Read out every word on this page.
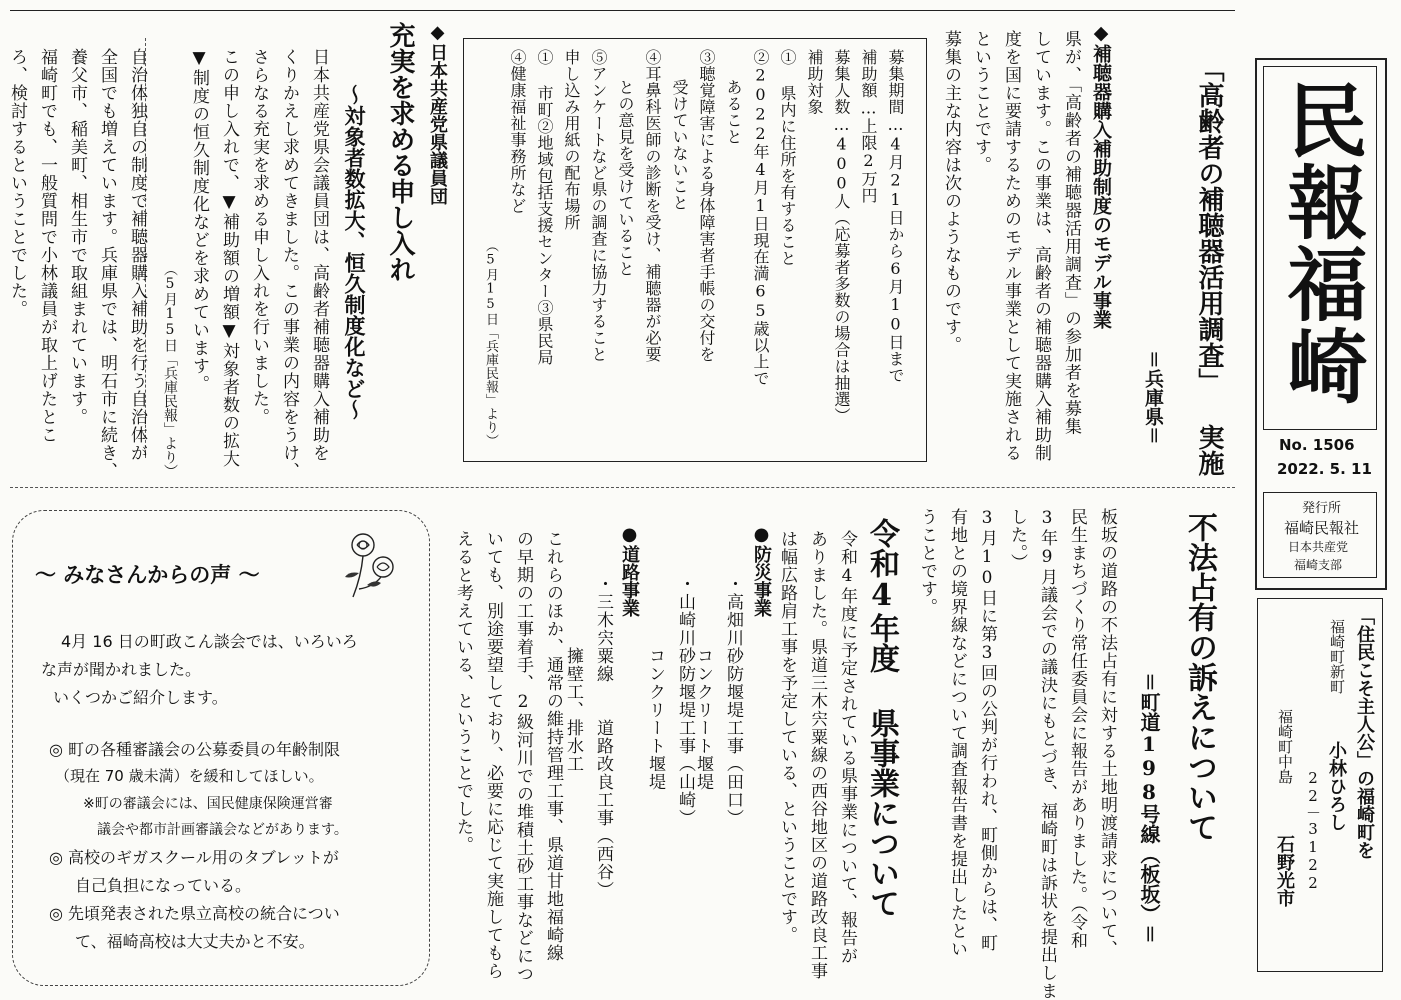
民報福崎
No. 1506
2022. 5. 11
発行所
福崎民報社
日本共産党
福崎支部
「住民こそ主人公」の福崎町を
福崎町新町
小林ひろし
22－3122
福崎町中島
石野光市
「高齢者の補聴器活用調査」 実施
＝兵庫県＝
◆補聴器購入補助制度のモデル事業
県が、「高齢者の補聴器活用調査」の参加者を募集
しています。この事業は、高齢者の補聴器購入補助制
度を国に要請するためのモデル事業として実施される
ということです。
募集の主な内容は次のようなものです。
募集期間…4月21日から6月10日まで
補助額…上限2万円
募集人数…400人（応募者多数の場合は抽選）
補助対象
① 県内に住所を有すること
②2022年4月1日現在満65歳以上で
あること
③聴覚障害による身体障害者手帳の交付を
受けていないこと
④耳鼻科医師の診断を受け、補聴器が必要
との意見を受けていること
⑤アンケートなど県の調査に協力すること
申し込み用紙の配布場所
① 市町②地域包括支援センター③県民局
④健康福祉事務所など
（5月15日「兵庫民報」より）
◆日本共産党県議員団
充実を求める申し入れ
～対象者数拡大、恒久制度化など～
日本共産党県会議員団は、高齢者補聴器購入補助を
くりかえし求めてきました。この事業の内容をうけ、
さらなる充実を求める申し入れを行いました。
この申し入れで、▼補助額の増額▼対象者数の拡大
▼制度の恒久制度化などを求めています。
（5月15日「兵庫民報」より）
自治体独自の制度で補聴器購入補助を行う自治体が
全国でも増えています。兵庫県では、明石市に続き、
養父市、稲美町、相生市で取組まれています。
福崎町でも、一般質問で小林議員が取上げたとこ
ろ、検討するということでした。
不法占有の訴えについて
＝町道198号線（板坂）＝
板坂の道路の不法占有に対する土地明渡請求について、
民生まちづくり常任委員会に報告がありました。（令和
3年9月議会での議決にもとづき、福崎町は訴状を提出しま
した。）
3月10日に第3回の公判が行われ、町側からは、町
有地との境界線などについて調査報告書を提出したとい
うことです。
令和4年度 県事業について
令和4年度に予定されている県事業について、報告が
ありました。県道三木宍粟線の西谷地区の道路改良工事
は幅広路肩工事を予定している、ということです。
●防災事業
・高畑川砂防堰堤工事（田口）
　　　　コンクリート堰堤
・山崎川砂防堰堤工事（山崎）
　　　　コンクリート堰堤
●道路事業
・三木宍粟線　　道路改良工事（西谷）
　　　　擁壁工、排水工
これらのほか、通常の維持管理工事、県道甘地福崎線
の早期の工事着手、2級河川での堆積土砂工事などにつ
いても、別途要望しており、必要に応じて実施してもら
えると考えている、ということでした。
～ みなさんからの声 ～
4月 16 日の町政こん談会では、いろいろ
な声が聞かれました。
いくつかご紹介します。
◎ 町の各種審議会の公募委員の年齢制限
（現在 70 歳未満）を緩和してほしい。
※町の審議会には、国民健康保険運営審
議会や都市計画審議会などがあります。
◎ 高校のギガスクール用のタブレットが
自己負担になっている。
◎ 先頃発表された県立高校の統合につい
て、福崎高校は大丈夫かと不安。
